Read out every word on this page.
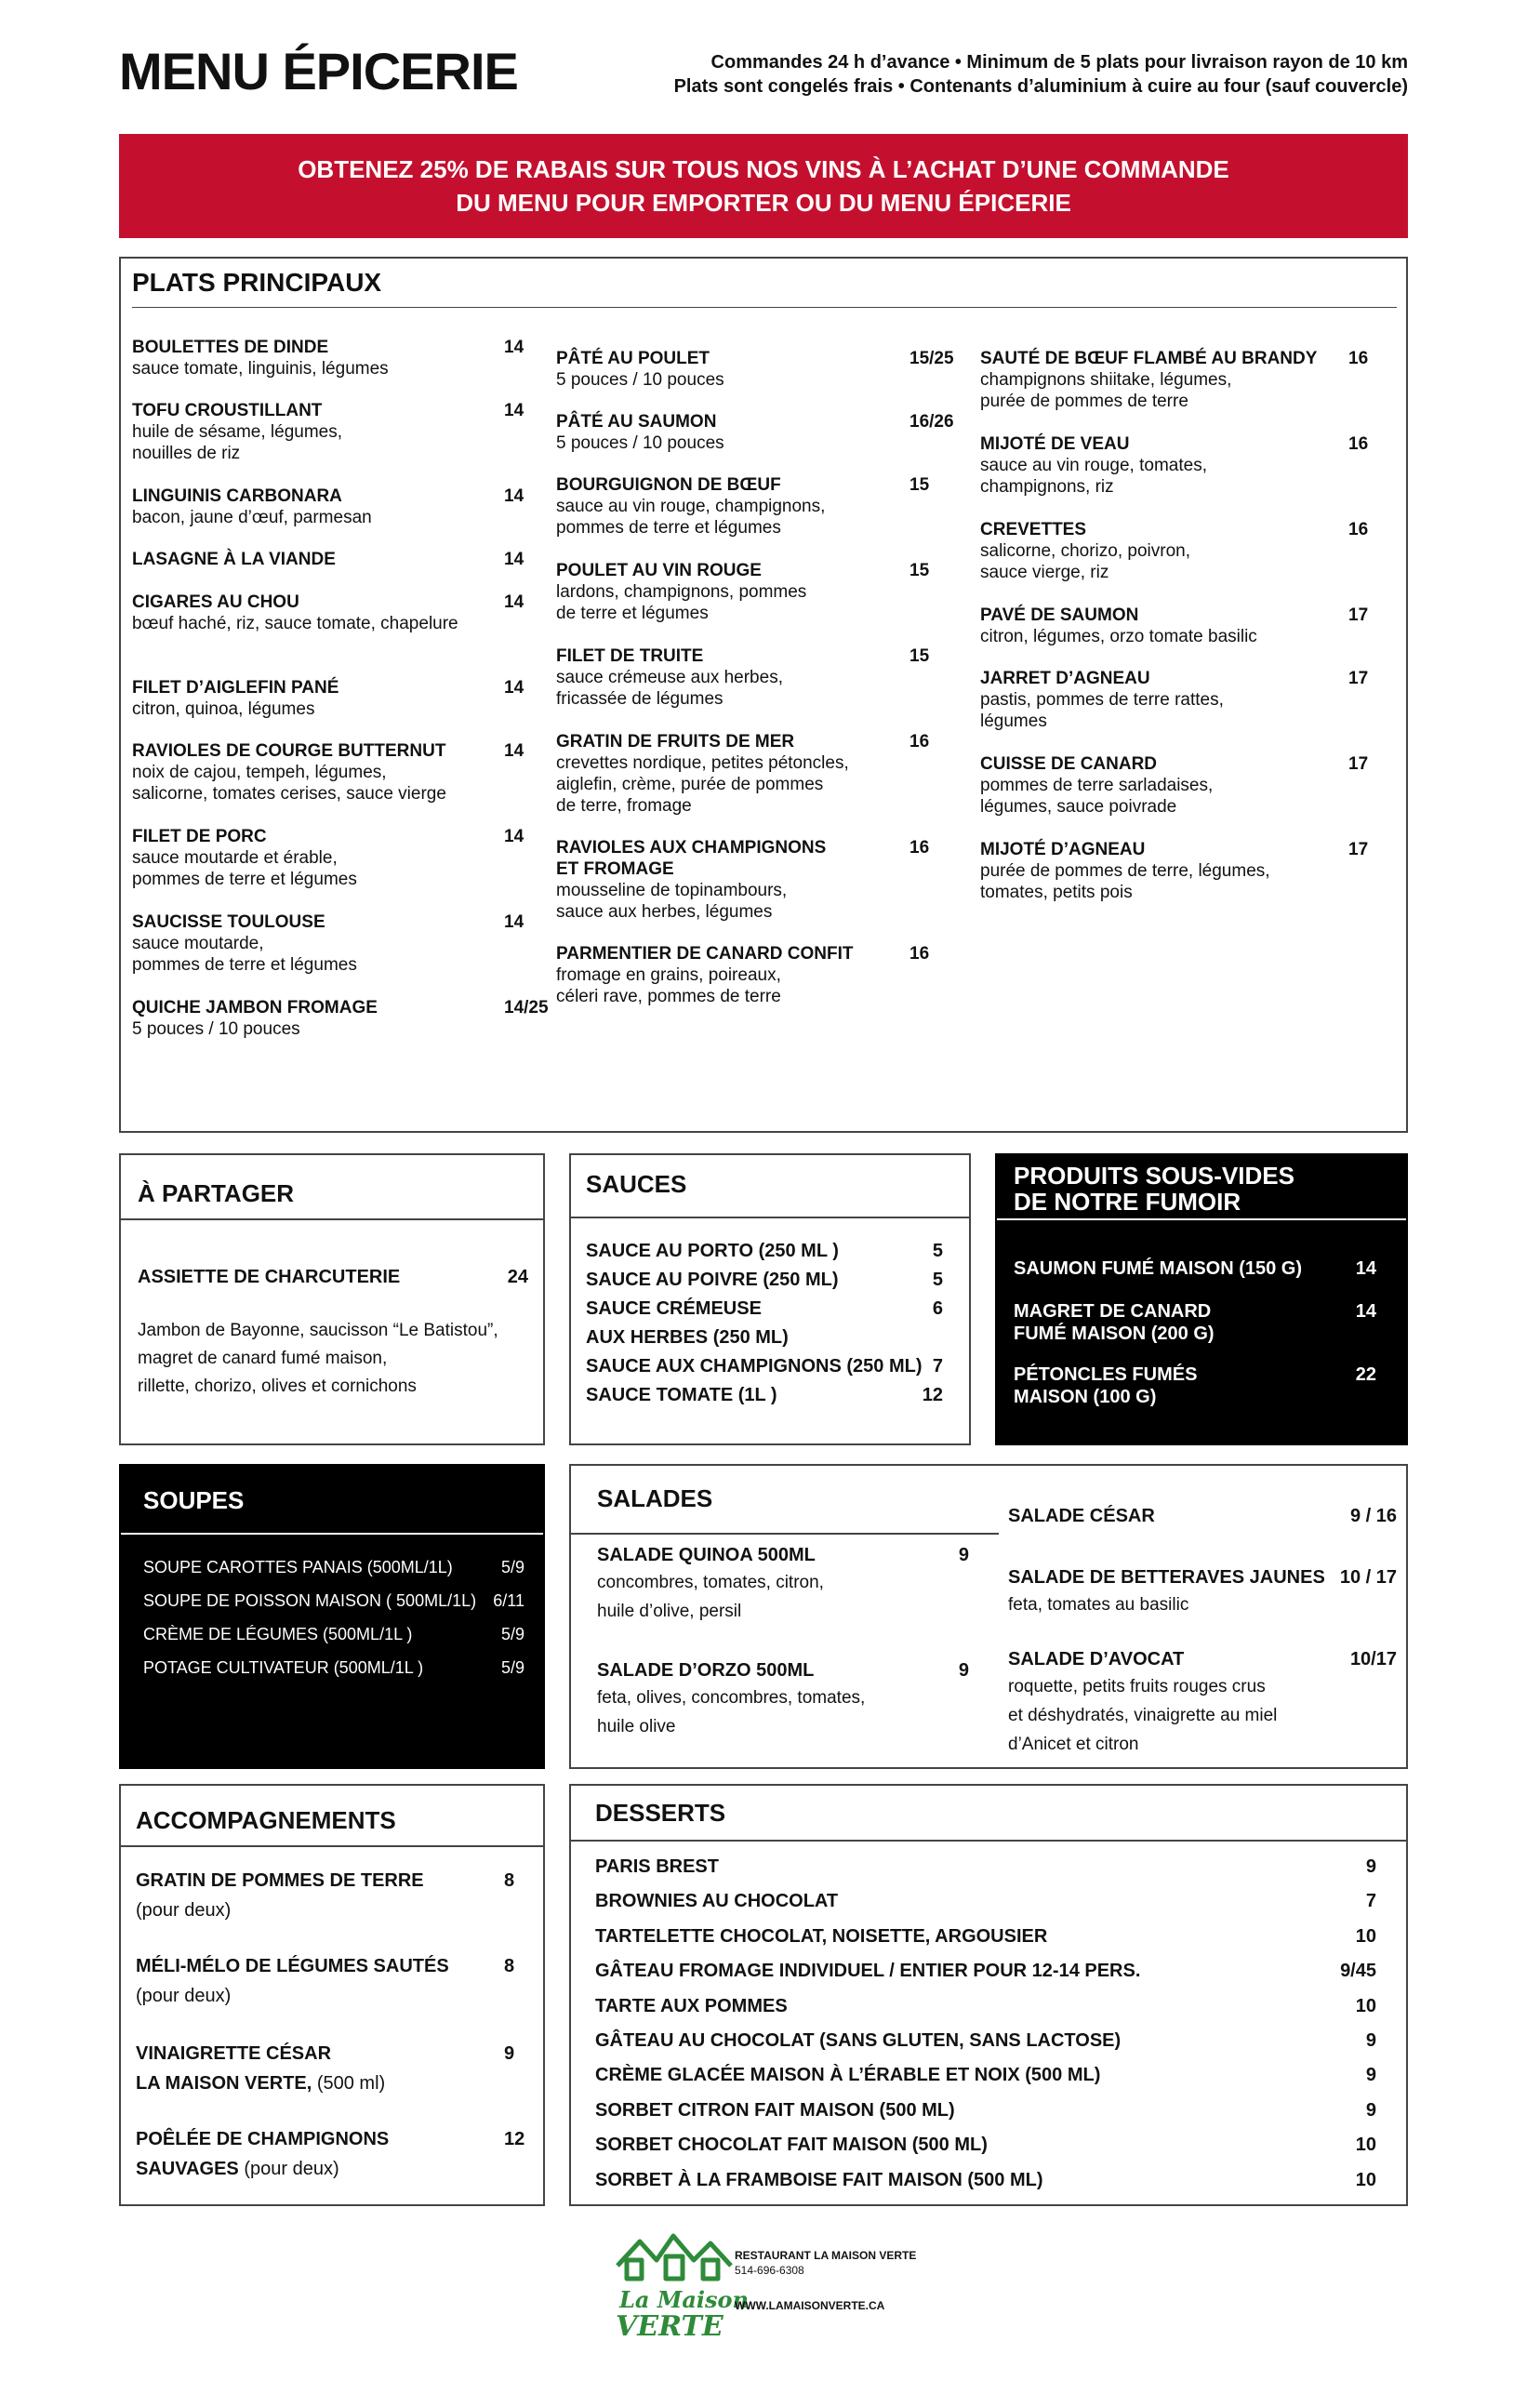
MENU ÉPICERIE	Commandes 24 h d’avance • Minimum de 5 plats pour livraison rayon de 10 km
Plats sont congelés frais • Contenants d’aluminium à cuire au four (sauf couvercle)
OBTENEZ 25% DE RABAIS SUR TOUS NOS VINS À L’ACHAT D’UNE COMMANDE
DU MENU POUR EMPORTER OU DU MENU ÉPICERIE
PLATS PRINCIPAUX
BOULETTES DE DINDE
sauce tomate, linguinis, légumes
14
TOFU CROUSTILLANT
huile de sésame, légumes,
nouilles de riz
14
LINGUINIS CARBONARA
bacon, jaune d’œuf, parmesan
14
LASAGNE À LA VIANDE	14
CIGARES AU CHOU
bœuf haché, riz, sauce tomate, chapelure
14
FILET D’AIGLEFIN PANÉ
citron, quinoa, légumes
14
RAVIOLES DE COURGE BUTTERNUT
noix de cajou, tempeh, légumes,
salicorne, tomates cerises, sauce vierge
14
FILET DE PORC
sauce moutarde et érable,
pommes de terre et légumes
14
SAUCISSE TOULOUSE
sauce moutarde,
pommes de terre et légumes
14
QUICHE JAMBON FROMAGE
5 pouces / 10 pouces
14/25
PÂTÉ AU POULET
5 pouces / 10 pouces
15/25
PÂTÉ AU SAUMON
5 pouces / 10 pouces
16/26
BOURGUIGNON DE BŒUF
sauce au vin rouge, champignons,
pommes de terre et légumes
15
POULET AU VIN ROUGE
lardons, champignons, pommes
de terre et légumes
15
FILET DE TRUITE
sauce crémeuse aux herbes,
fricassée de légumes
15
GRATIN DE FRUITS DE MER
crevettes nordique, petites pétoncles,
aiglefin, crème, purée de pommes
de terre, fromage
16
RAVIOLES AUX CHAMPIGNONS
ET FROMAGE
mousseline de topinambours,
sauce aux herbes, légumes
16
PARMENTIER DE CANARD CONFIT
fromage en grains, poireaux,
céleri rave, pommes de terre
16
SAUTÉ DE BŒUF FLAMBÉ AU BRANDY
champignons shiitake, légumes,
purée de pommes de terre
16
MIJOTÉ DE VEAU
sauce au vin rouge, tomates,
champignons, riz
16
CREVETTES
salicorne, chorizo, poivron,
sauce vierge, riz
16
PAVÉ DE SAUMON
citron, légumes, orzo tomate basilic
17
JARRET D’AGNEAU
pastis, pommes de terre rattes,
légumes
17
CUISSE DE CANARD
pommes de terre sarladaises,
légumes, sauce poivrade
17
MIJOTÉ D’AGNEAU
purée de pommes de terre, légumes,
tomates, petits pois
17
À PARTAGER
ASSIETTE DE CHARCUTERIE	24
Jambon de Bayonne, saucisson “Le Batistou”,
magret de canard fumé maison,
rillette, chorizo, olives et cornichons
SAUCES
SAUCE AU PORTO (250 ML )	5
SAUCE AU POIVRE (250 ML)	5
SAUCE CRÉMEUSE	6
AUX HERBES (250 ML)
SAUCE AUX CHAMPIGNONS (250 ML) 7
SAUCE TOMATE (1L )	12
PRODUITS SOUS-VIDES
DE NOTRE FUMOIR
SAUMON FUMÉ MAISON (150 G)	14
MAGRET DE CANARD
FUMÉ MAISON (200 G)
14
PÉTONCLES FUMÉS
MAISON (100 G)
22
SOUPES
SOUPE CAROTTES PANAIS (500ML/1L)	5/9
SOUPE DE POISSON MAISON ( 500ML/1L) 6/11
CRÈME DE LÉGUMES (500ML/1L )	5/9
POTAGE CULTIVATEUR (500ML/1L )	5/9
SALADES
SALADE QUINOA 500ML	9
concombres, tomates, citron,
huile d’olive, persil
SALADE D’ORZO 500ML	9
feta, olives, concombres, tomates,
huile olive
SALADE CÉSAR	9 / 16
SALADE DE BETTERAVES JAUNES 10 / 17
feta, tomates au basilic
SALADE D’AVOCAT	10/17
roquette, petits fruits rouges crus
et déshydratés, vinaigrette au miel
d’Anicet et citron
ACCOMPAGNEMENTS
GRATIN DE POMMES DE TERRE
(pour deux)
8
MÉLI-MÉLO DE LÉGUMES SAUTÉS
(pour deux)
8
VINAIGRETTE CÉSAR
LA MAISON VERTE, (500 ml)
9
POÊLÉE DE CHAMPIGNONS
SAUVAGES (pour deux)
12
DESSERTS
PARIS BREST	9
BROWNIES AU CHOCOLAT	7
TARTELETTE CHOCOLAT, NOISETTE, ARGOUSIER	10
GÂTEAU FROMAGE INDIVIDUEL / ENTIER POUR 12-14 PERS.	9/45
TARTE AUX POMMES	10
GÂTEAU AU CHOCOLAT (SANS GLUTEN, SANS LACTOSE)	9
CRÈME GLACÉE MAISON À L’ÉRABLE ET NOIX (500 ML)	9
SORBET CITRON FAIT MAISON (500 ML)	9
SORBET CHOCOLAT FAIT MAISON (500 ML)	10
SORBET À LA FRAMBOISE FAIT MAISON (500 ML)	10
La Maison
VERTE
RESTAURANT LA MAISON VERTE
514-696-6308
WWW.LAMAISONVERTE.CA
